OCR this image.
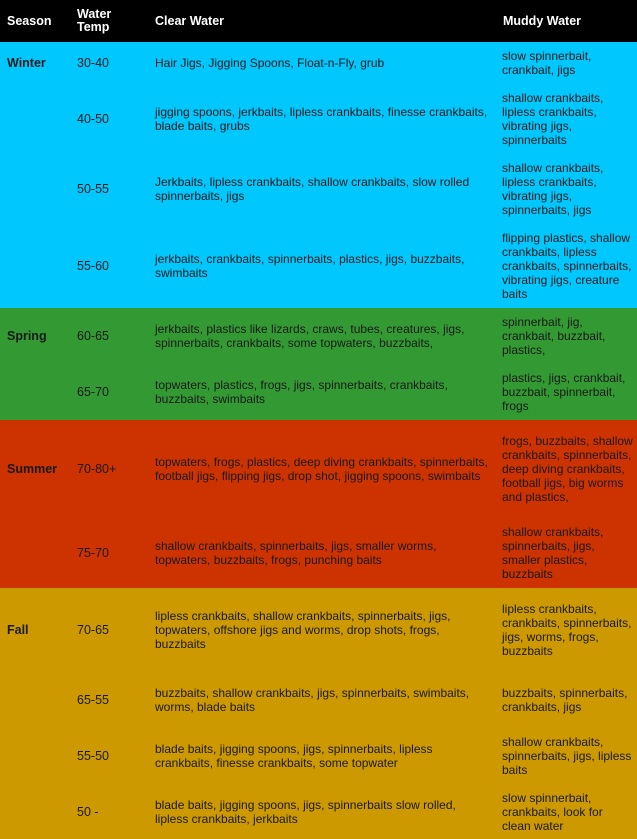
Season	Water Temp	Clear Water	Muddy Water
Winter	30-40	Hair Jigs, Jigging Spoons, Float-n-Fly, grub	slow spinnerbait, crankbait, jigs
	40-50	jigging spoons, jerkbaits, lipless crankbaits, finesse crankbaits, blade baits, grubs	shallow crankbaits, lipless crankbaits, vibrating jigs, spinnerbaits
	50-55	Jerkbaits, lipless crankbaits, shallow crankbaits, slow rolled spinnerbaits, jigs	shallow crankbaits, lipless crankbaits, vibrating jigs, spinnerbaits, jigs
	55-60	jerkbaits, crankbaits, spinnerbaits, plastics, jigs, buzzbaits, swimbaits	flipping plastics, shallow crankbaits, lipless crankbaits, spinnerbaits, vibrating jigs, creature baits
Spring	60-65	jerkbaits, plastics like lizards, craws, tubes, creatures, jigs, spinnerbaits, crankbaits, some topwaters, buzzbaits,	spinnerbait, jig, crankbait, buzzbait, plastics,
	65-70	topwaters, plastics, frogs, jigs, spinnerbaits, crankbaits, buzzbaits, swimbaits	plastics, jigs, crankbait, buzzbait, spinnerbait, frogs
Summer	70-80+	topwaters, frogs, plastics, deep diving crankbaits, spinnerbaits, football jigs, flipping jigs, drop shot, jigging spoons, swimbaits	frogs, buzzbaits, shallow crankbaits, spinnerbaits, deep diving crankbaits, football jigs, big worms and plastics,
	75-70	shallow crankbaits, spinnerbaits, jigs, smaller worms, topwaters, buzzbaits, frogs, punching baits	shallow crankbaits, spinnerbaits, jigs, smaller plastics, buzzbaits
Fall	70-65	lipless crankbaits, shallow crankbaits, spinnerbaits, jigs, topwaters, offshore jigs and worms, drop shots, frogs, buzzbaits	lipless crankbaits, crankbaits, spinnerbaits, jigs, worms, frogs, buzzbaits
	65-55	buzzbaits, shallow crankbaits, jigs, spinnerbaits, swimbaits, worms, blade baits	buzzbaits, spinnerbaits, crankbaits, jigs
	55-50	blade baits, jigging spoons, jigs, spinnerbaits, lipless crankbaits, finesse crankbaits, some topwater	shallow crankbaits, spinnerbaits, jigs, lipless baits
	50 -	blade baits, jigging spoons, jigs, spinnerbaits slow rolled, lipless crankbaits, jerkbaits	slow spinnerbait, crankbaits, look for clean water
